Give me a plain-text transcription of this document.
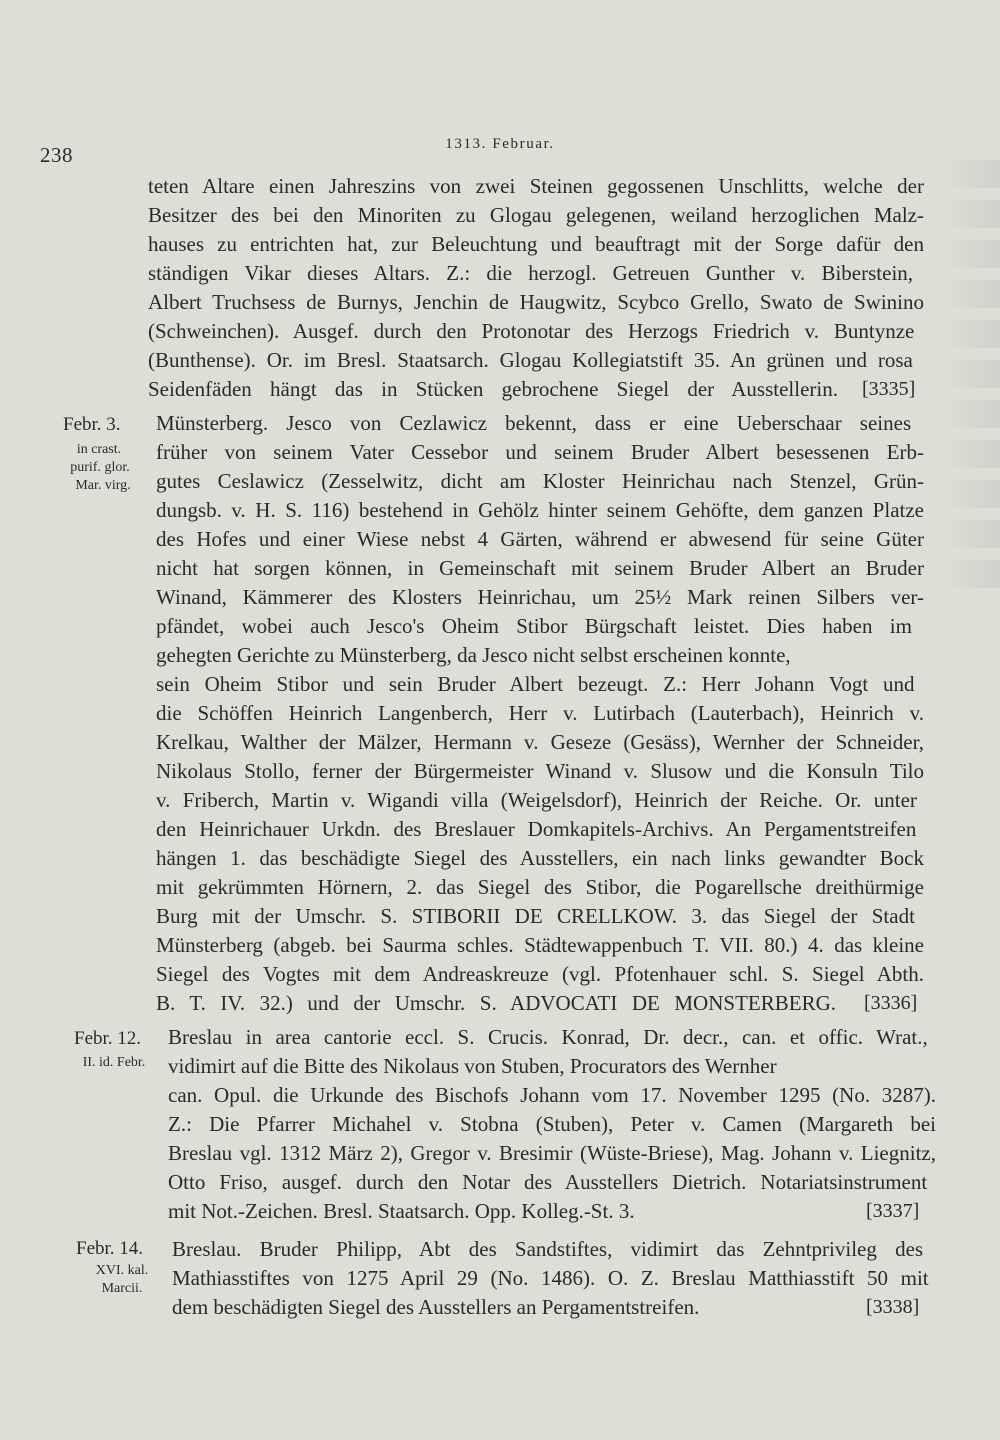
238	1313. Februar.
teten Altare einen Jahreszins von zwei Steinen gegossenen Unschlitts, welche der
Besitzer des bei den Minoriten zu Glogau gelegenen, weiland herzoglichen Malz-
hauses zu entrichten hat, zur Beleuchtung und beauftragt mit der Sorge dafür den
ständigen Vikar dieses Altars. Z.: die herzogl. Getreuen Gunther v. Biberstein,
Albert Truchsess de Burnys, Jenchin de Haugwitz, Scybco Grello, Swato de Swinino
(Schweinchen). Ausgef. durch den Protonotar des Herzogs Friedrich v. Buntynze
(Bunthense). Or. im Bresl. Staatsarch. Glogau Kollegiatstift 35. An grünen und rosa
Seidenfäden hängt das in Stücken gebrochene Siegel der Ausstellerin. [3335]
Febr. 3.
in crast.
purif. glor.
Mar. virg.
Münsterberg. Jesco von Cezlawicz bekennt, dass er eine Ueberschaar seines
früher von seinem Vater Cessebor und seinem Bruder Albert besessenen Erb-
gutes Ceslawicz (Zesselwitz, dicht am Kloster Heinrichau nach Stenzel, Grün-
dungsb. v. H. S. 116) bestehend in Gehölz hinter seinem Gehöfte, dem ganzen Platze
des Hofes und einer Wiese nebst 4 Gärten, während er abwesend für seine Güter
nicht hat sorgen können, in Gemeinschaft mit seinem Bruder Albert an Bruder
Winand, Kämmerer des Klosters Heinrichau, um 25½ Mark reinen Silbers ver-
pfändet, wobei auch Jesco's Oheim Stibor Bürgschaft leistet. Dies haben im
gehegten Gerichte zu Münsterberg, da Jesco nicht selbst erscheinen konnte,
sein Oheim Stibor und sein Bruder Albert bezeugt. Z.: Herr Johann Vogt und
die Schöffen Heinrich Langenberch, Herr v. Lutirbach (Lauterbach), Heinrich v.
Krelkau, Walther der Mälzer, Hermann v. Geseze (Gesäss), Wernher der Schneider,
Nikolaus Stollo, ferner der Bürgermeister Winand v. Slusow und die Konsuln Tilo
v. Friberch, Martin v. Wigandi villa (Weigelsdorf), Heinrich der Reiche. Or. unter
den Heinrichauer Urkdn. des Breslauer Domkapitels-Archivs. An Pergamentstreifen
hängen 1. das beschädigte Siegel des Ausstellers, ein nach links gewandter Bock
mit gekrümmten Hörnern, 2. das Siegel des Stibor, die Pogarellsche dreithürmige
Burg mit der Umschr. S. STIBORII DE CRELLKOW. 3. das Siegel der Stadt
Münsterberg (abgeb. bei Saurma schles. Städtewappenbuch T. VII. 80.) 4. das kleine
Siegel des Vogtes mit dem Andreaskreuze (vgl. Pfotenhauer schl. S. Siegel Abth.
B. T. IV. 32.) und der Umschr. S. ADVOCATI DE MONSTERBERG. [3336]
Febr. 12.
II. id. Febr.
Breslau in area cantorie eccl. S. Crucis. Konrad, Dr. decr., can. et offic. Wrat.,
vidimirt auf die Bitte des Nikolaus von Stuben, Procurators des Wernher
can. Opul. die Urkunde des Bischofs Johann vom 17. November 1295 (No. 3287).
Z.: Die Pfarrer Michahel v. Stobna (Stuben), Peter v. Camen (Margareth bei
Breslau vgl. 1312 März 2), Gregor v. Bresimir (Wüste-Briese), Mag. Johann v. Liegnitz,
Otto Friso, ausgef. durch den Notar des Ausstellers Dietrich. Notariatsinstrument
mit Not.-Zeichen. Bresl. Staatsarch. Opp. Kolleg.-St. 3.	[3337]
Febr. 14.
XVI. kal.
Marcii.
Breslau. Bruder Philipp, Abt des Sandstiftes, vidimirt das Zehntprivileg des
Mathiasstiftes von 1275 April 29 (No. 1486). O. Z. Breslau Matthiasstift 50 mit
dem beschädigten Siegel des Ausstellers an Pergamentstreifen.	[3338]
